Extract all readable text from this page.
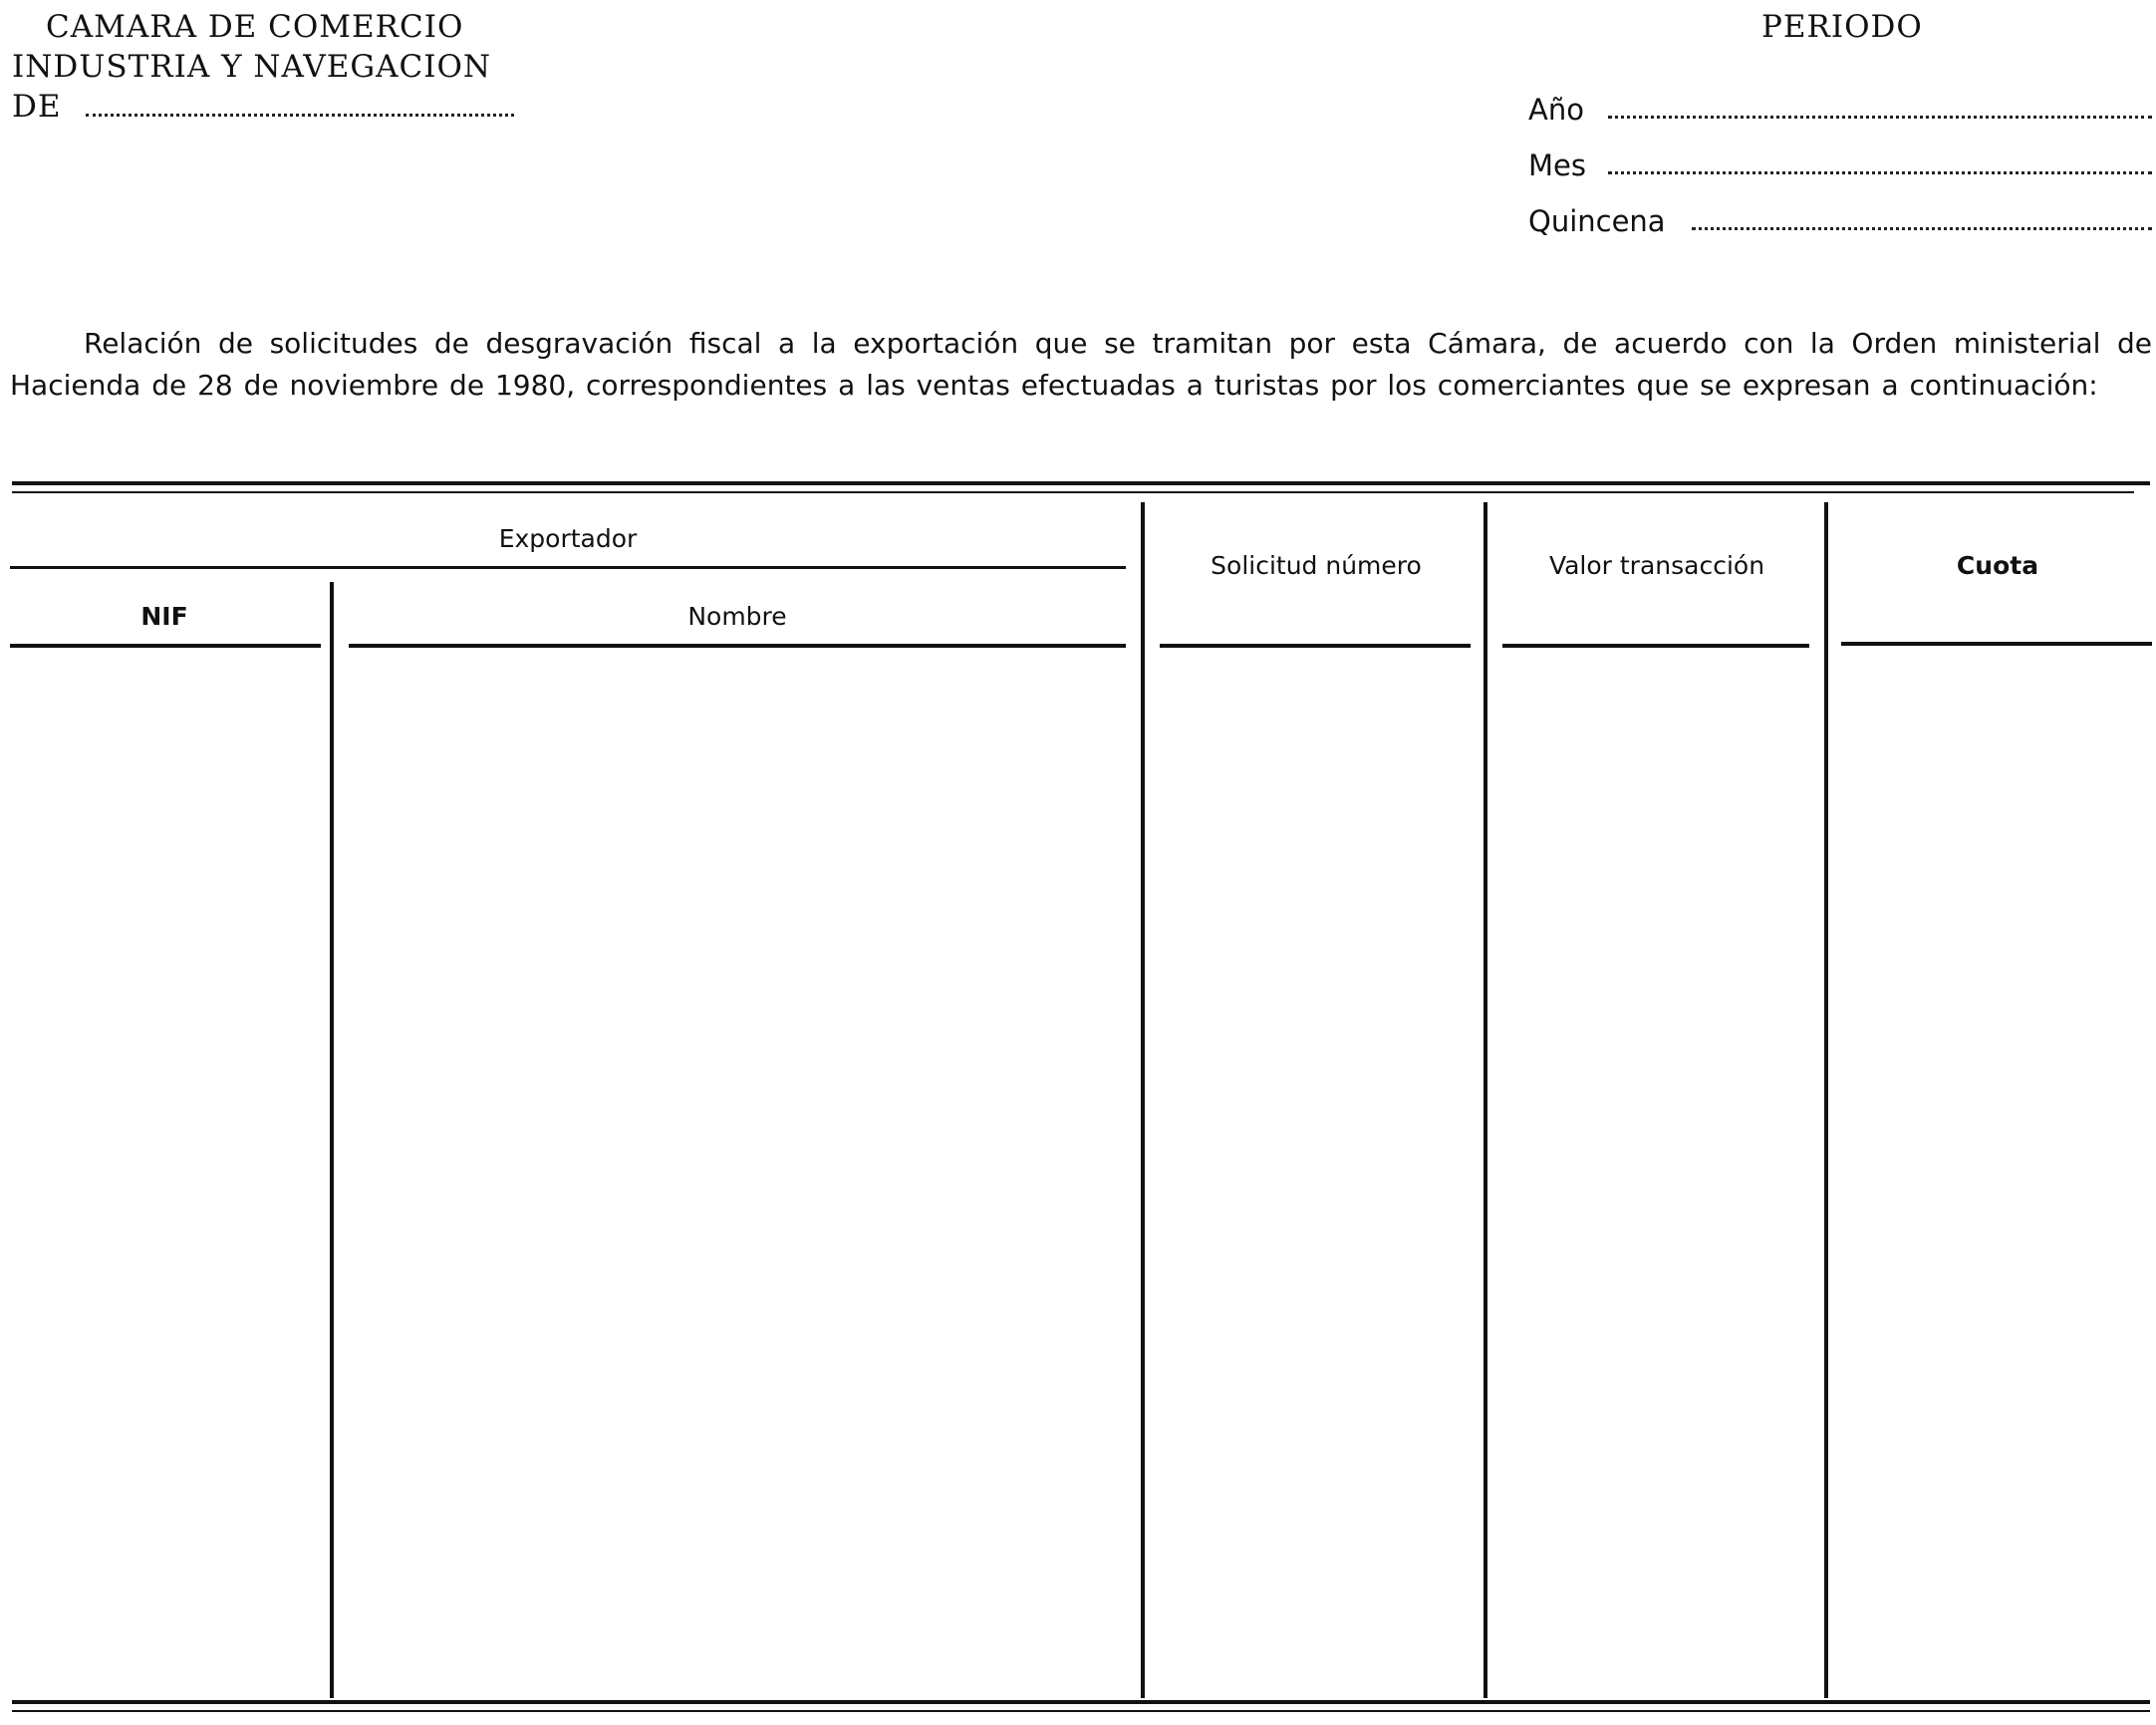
CAMARA DE COMERCIO
INDUSTRIA Y NAVEGACION
DE
PERIODO
Año
Mes
Quincena
Relación de solicitudes de desgravación fiscal a la exportación que se tramitan por esta Cámara, de acuerdo con la Orden ministerial de Hacienda de 28 de noviembre de 1980, correspondientes a las ventas efectuadas a turistas por los comerciantes que se expresan a continuación:
Exportador
NIF	Nombre
Solicitud número	Valor transacción	Cuota
